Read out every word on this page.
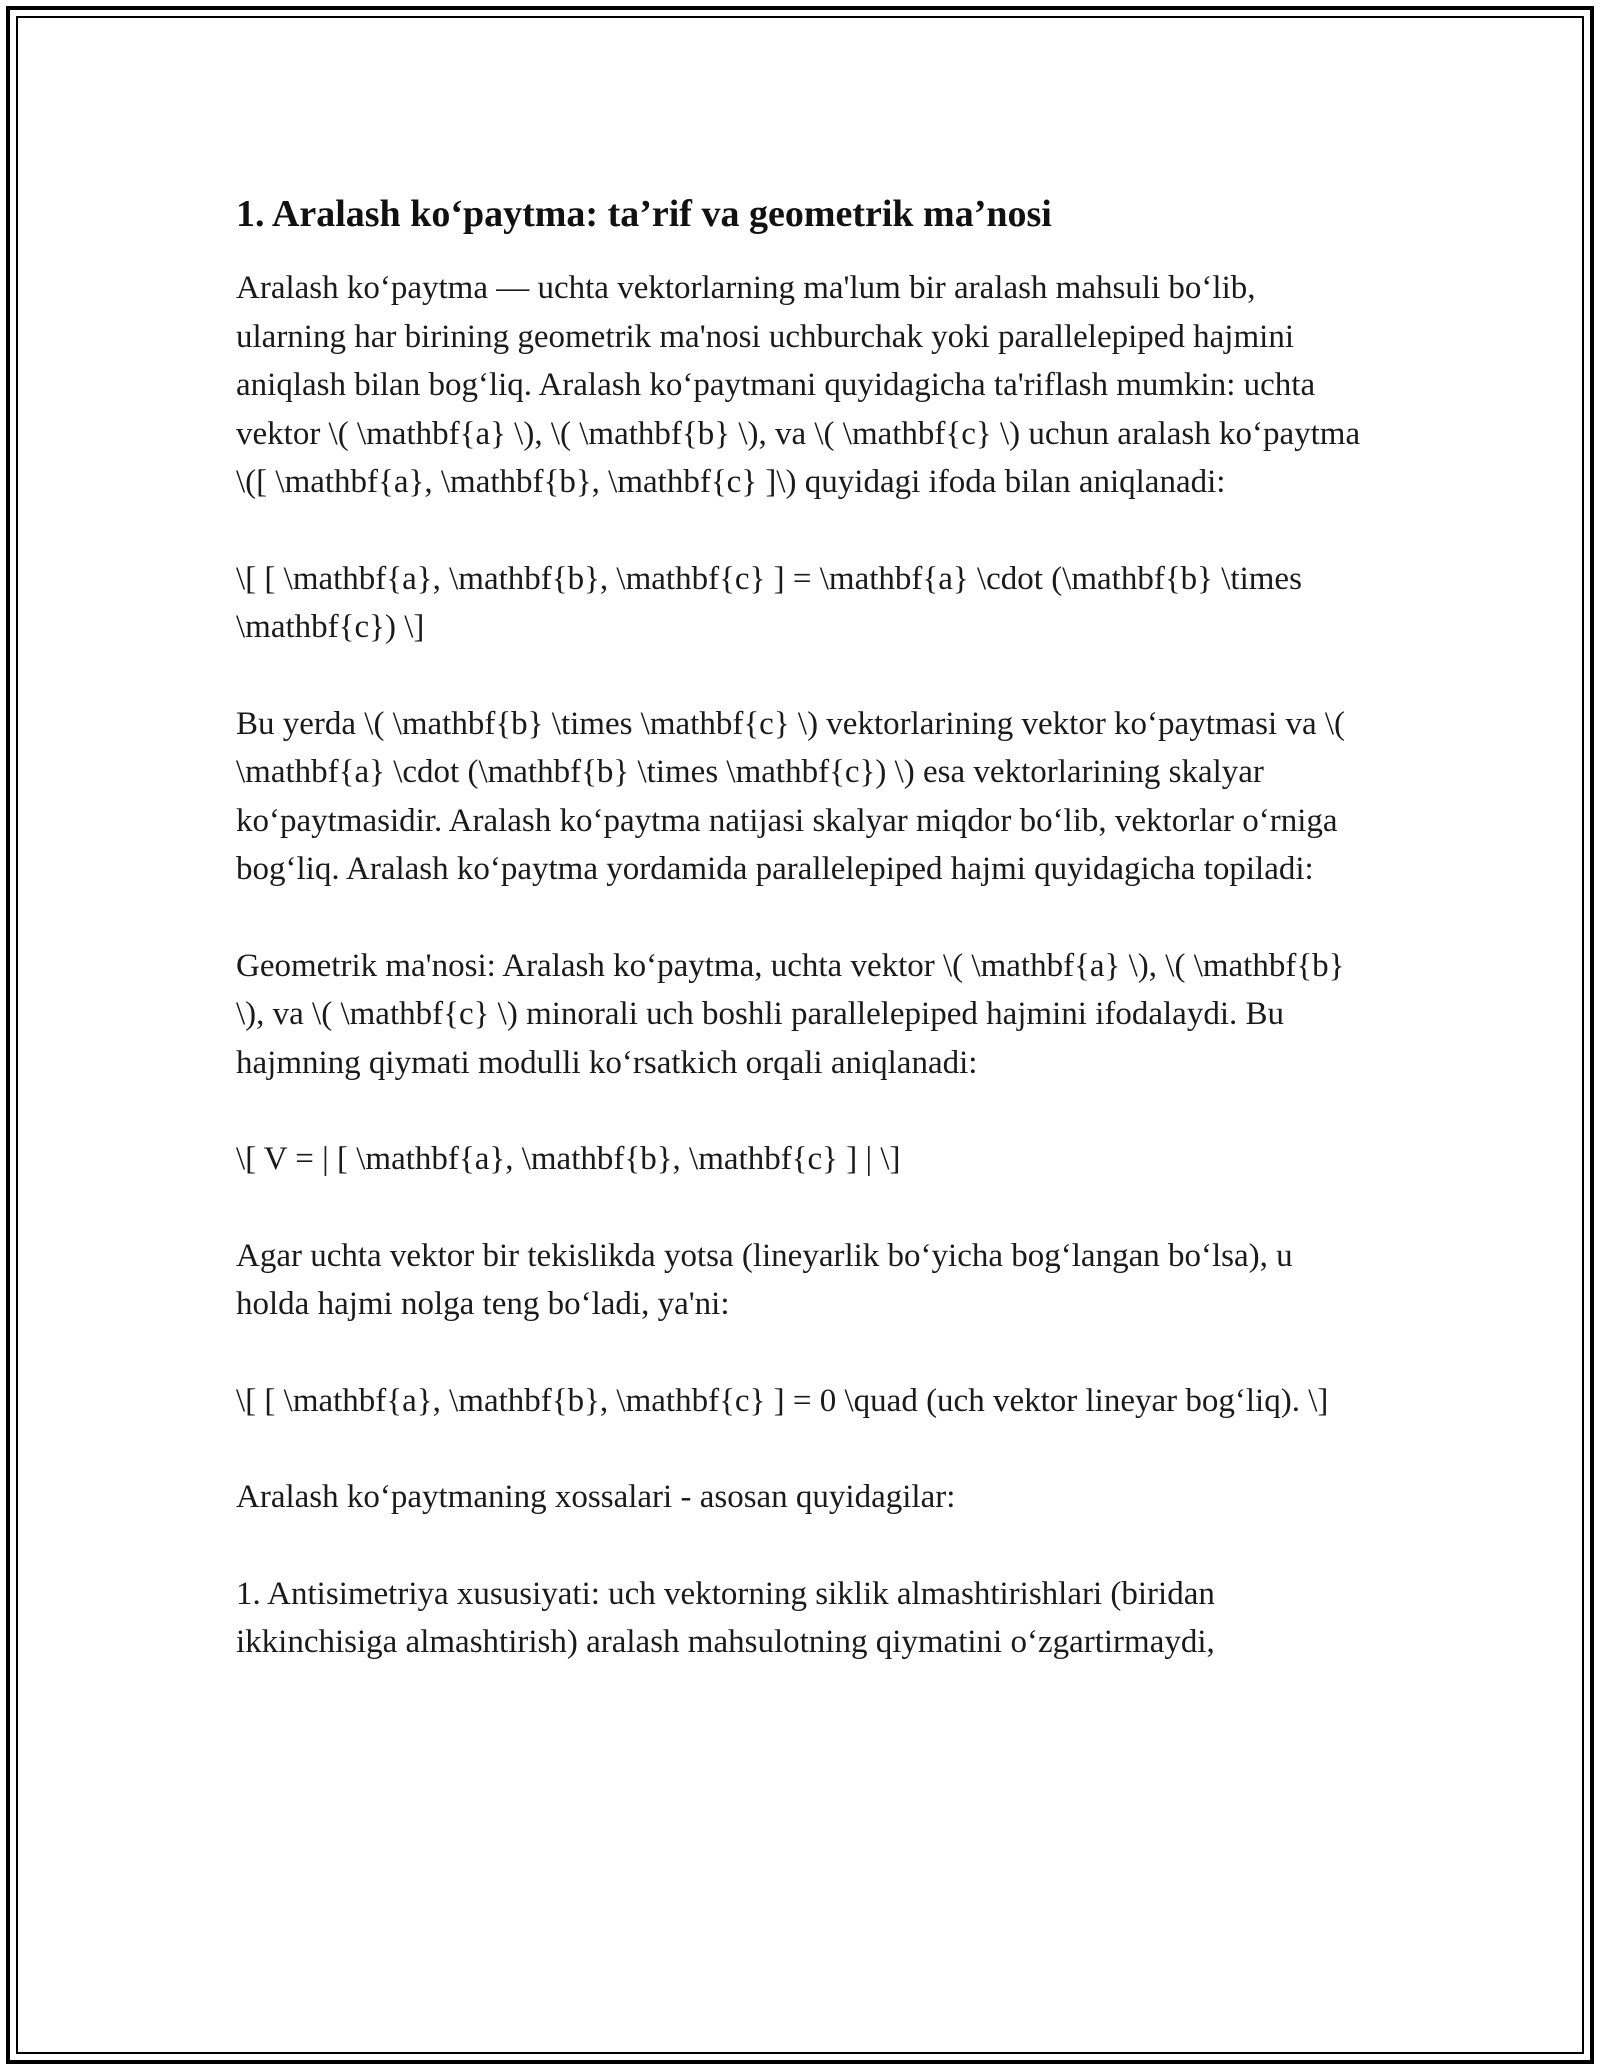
1. Aralash ko‘paytma: ta’rif va geometrik ma’nosi

Aralash ko‘paytma — uchta vektorlarning ma'lum bir aralash mahsuli bo‘lib, ularning har birining geometrik ma'nosi uchburchak yoki parallelepiped hajmini aniqlash bilan bog‘liq. Aralash ko‘paytmani quyidagicha ta'riflash mumkin: uchta vektor \( \mathbf{a} \), \( \mathbf{b} \), va \( \mathbf{c} \) uchun aralash ko‘paytma \([ \mathbf{a}, \mathbf{b}, \mathbf{c} ]\) quyidagi ifoda bilan aniqlanadi:

\[ [ \mathbf{a}, \mathbf{b}, \mathbf{c} ] = \mathbf{a} \cdot (\mathbf{b} \times \mathbf{c}) \]

Bu yerda \( \mathbf{b} \times \mathbf{c} \) vektorlarining vektor ko‘paytmasi va \( \mathbf{a} \cdot (\mathbf{b} \times \mathbf{c}) \) esa vektorlarining skalyar ko‘paytmasidir. Aralash ko‘paytma natijasi skalyar miqdor bo‘lib, vektorlar o‘rniga bog‘liq. Aralash ko‘paytma yordamida parallelepiped hajmi quyidagicha topiladi:

Geometrik ma'nosi: Aralash ko‘paytma, uchta vektor \( \mathbf{a} \), \( \mathbf{b} \), va \( \mathbf{c} \) minorali uch boshli parallelepiped hajmini ifodalaydi. Bu hajmning qiymati modulli ko‘rsatkich orqali aniqlanadi:

\[ V = | [ \mathbf{a}, \mathbf{b}, \mathbf{c} ] | \]

Agar uchta vektor bir tekislikda yotsa (lineyarlik bo‘yicha bog‘langan bo‘lsa), u holda hajmi nolga teng bo‘ladi, ya'ni:

\[ [ \mathbf{a}, \mathbf{b}, \mathbf{c} ] = 0 \quad (uch vektor lineyar bog‘liq). \]

Aralash ko‘paytmaning xossalari - asosan quyidagilar:

1. Antisimetriya xususiyati: uch vektorning siklik almashtirishlari (biridan ikkinchisiga almashtirish) aralash mahsulotning qiymatini o‘zgartirmaydi,
